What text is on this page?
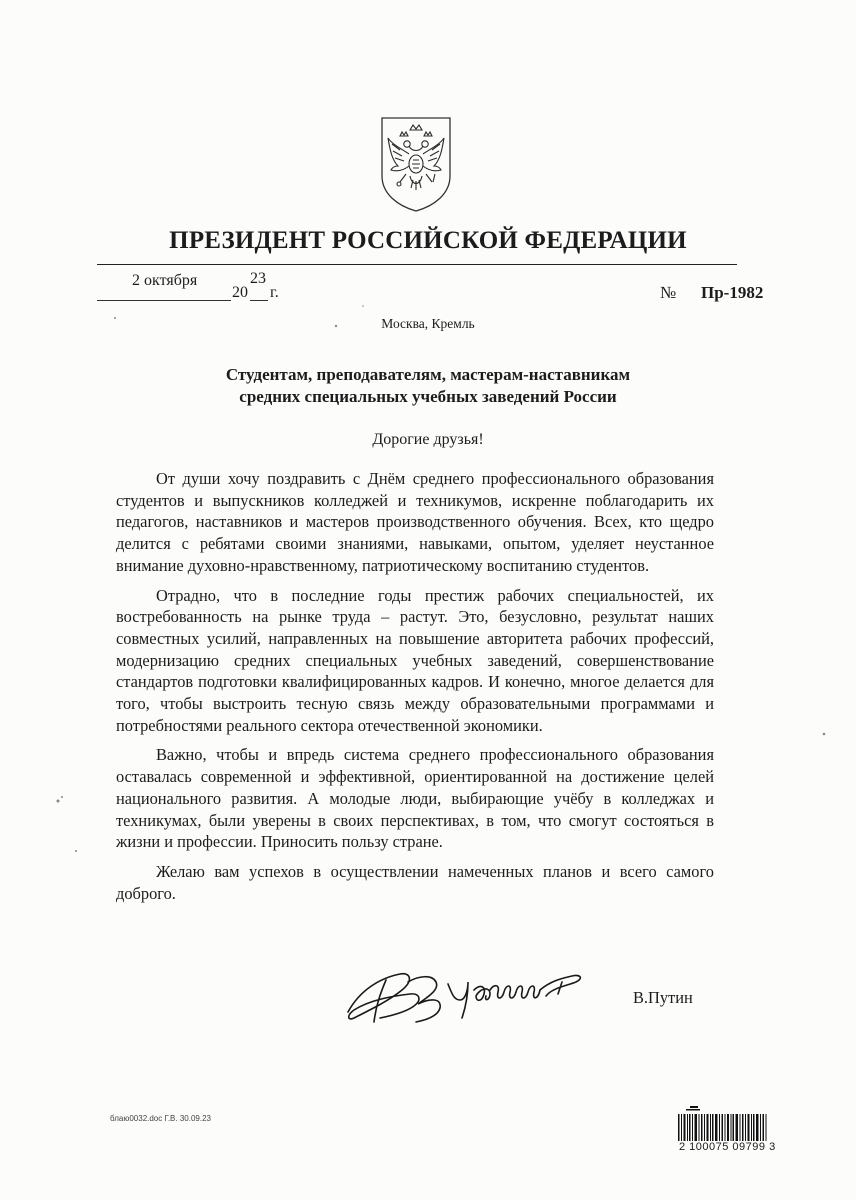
ПРЕЗИДЕНТ РОССИЙСКОЙ ФЕДЕРАЦИИ
2 октября
20
23
г.	№ Пр-1982
Москва, Кремль
Студентам, преподавателям, мастерам-наставникам
средних специальных учебных заведений России
Дорогие друзья!

От души хочу поздравить с Днём среднего профессионального образования студентов и выпускников колледжей и техникумов, искренне поблагодарить их педагогов, наставников и мастеров производственного обучения. Всех, кто щедро делится с ребятами своими знаниями, навыками, опытом, уделяет неустанное внимание духовно-нравственному, патриотическому воспитанию студентов.

Отрадно, что в последние годы престиж рабочих специальностей, их востребованность на рынке труда – растут. Это, безусловно, результат наших совместных усилий, направленных на повышение авторитета рабочих профессий, модернизацию средних специальных учебных заведений, совершенствование стандартов подготовки квалифицированных кадров. И конечно, многое делается для того, чтобы выстроить тесную связь между образовательными программами и потребностями реального сектора отечественной экономики.

Важно, чтобы и впредь система среднего профессионального образования оставалась современной и эффективной, ориентированной на достижение целей национального развития. А молодые люди, выбирающие учёбу в колледжах и техникумах, были уверены в своих перспективах, в том, что смогут состояться в жизни и профессии. Приносить пользу стране.

Желаю вам успехов в осуществлении намеченных планов и всего самого доброго.

В.Путин
блаю0032.doc Г.В. 30.09.23
2 100075 09799 3
